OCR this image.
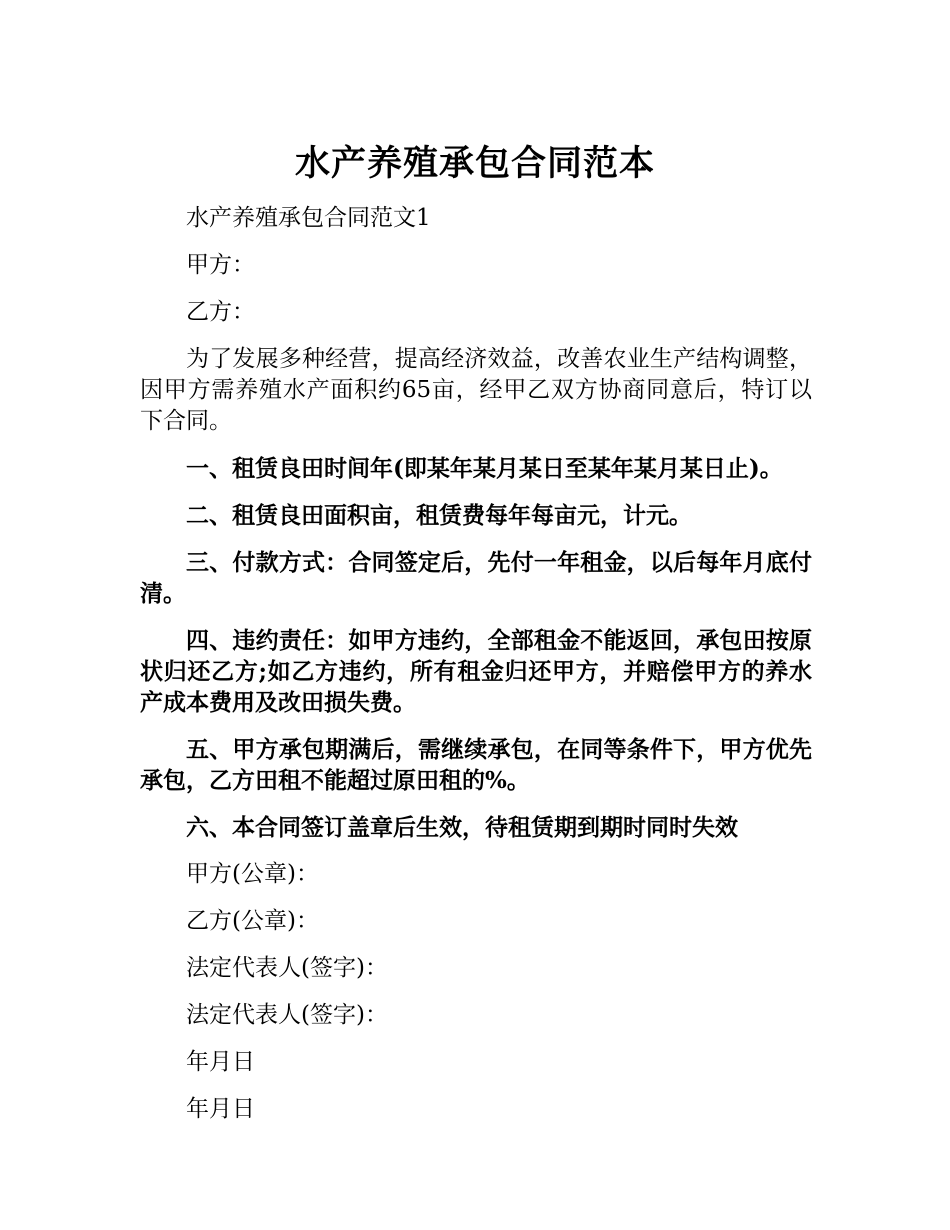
水产养殖承包合同范本

水产养殖承包合同范文1

甲方：

乙方：

为了发展多种经营，提高经济效益，改善农业生产结构调整，因甲方需养殖水产面积约65亩，经甲乙双方协商同意后，特订以下合同。

一、租赁良田时间年(即某年某月某日至某年某月某日止)。

二、租赁良田面积亩，租赁费每年每亩元，计元。

三、付款方式：合同签定后，先付一年租金，以后每年月底付清。

四、违约责任：如甲方违约，全部租金不能返回，承包田按原状归还乙方;如乙方违约，所有租金归还甲方，并赔偿甲方的养水产成本费用及改田损失费。

五、甲方承包期满后，需继续承包，在同等条件下，甲方优先承包，乙方田租不能超过原田租的%。

六、本合同签订盖章后生效，待租赁期到期时同时失效

甲方(公章)：

乙方(公章)：

法定代表人(签字)：

法定代表人(签字)：

年月日

年月日
